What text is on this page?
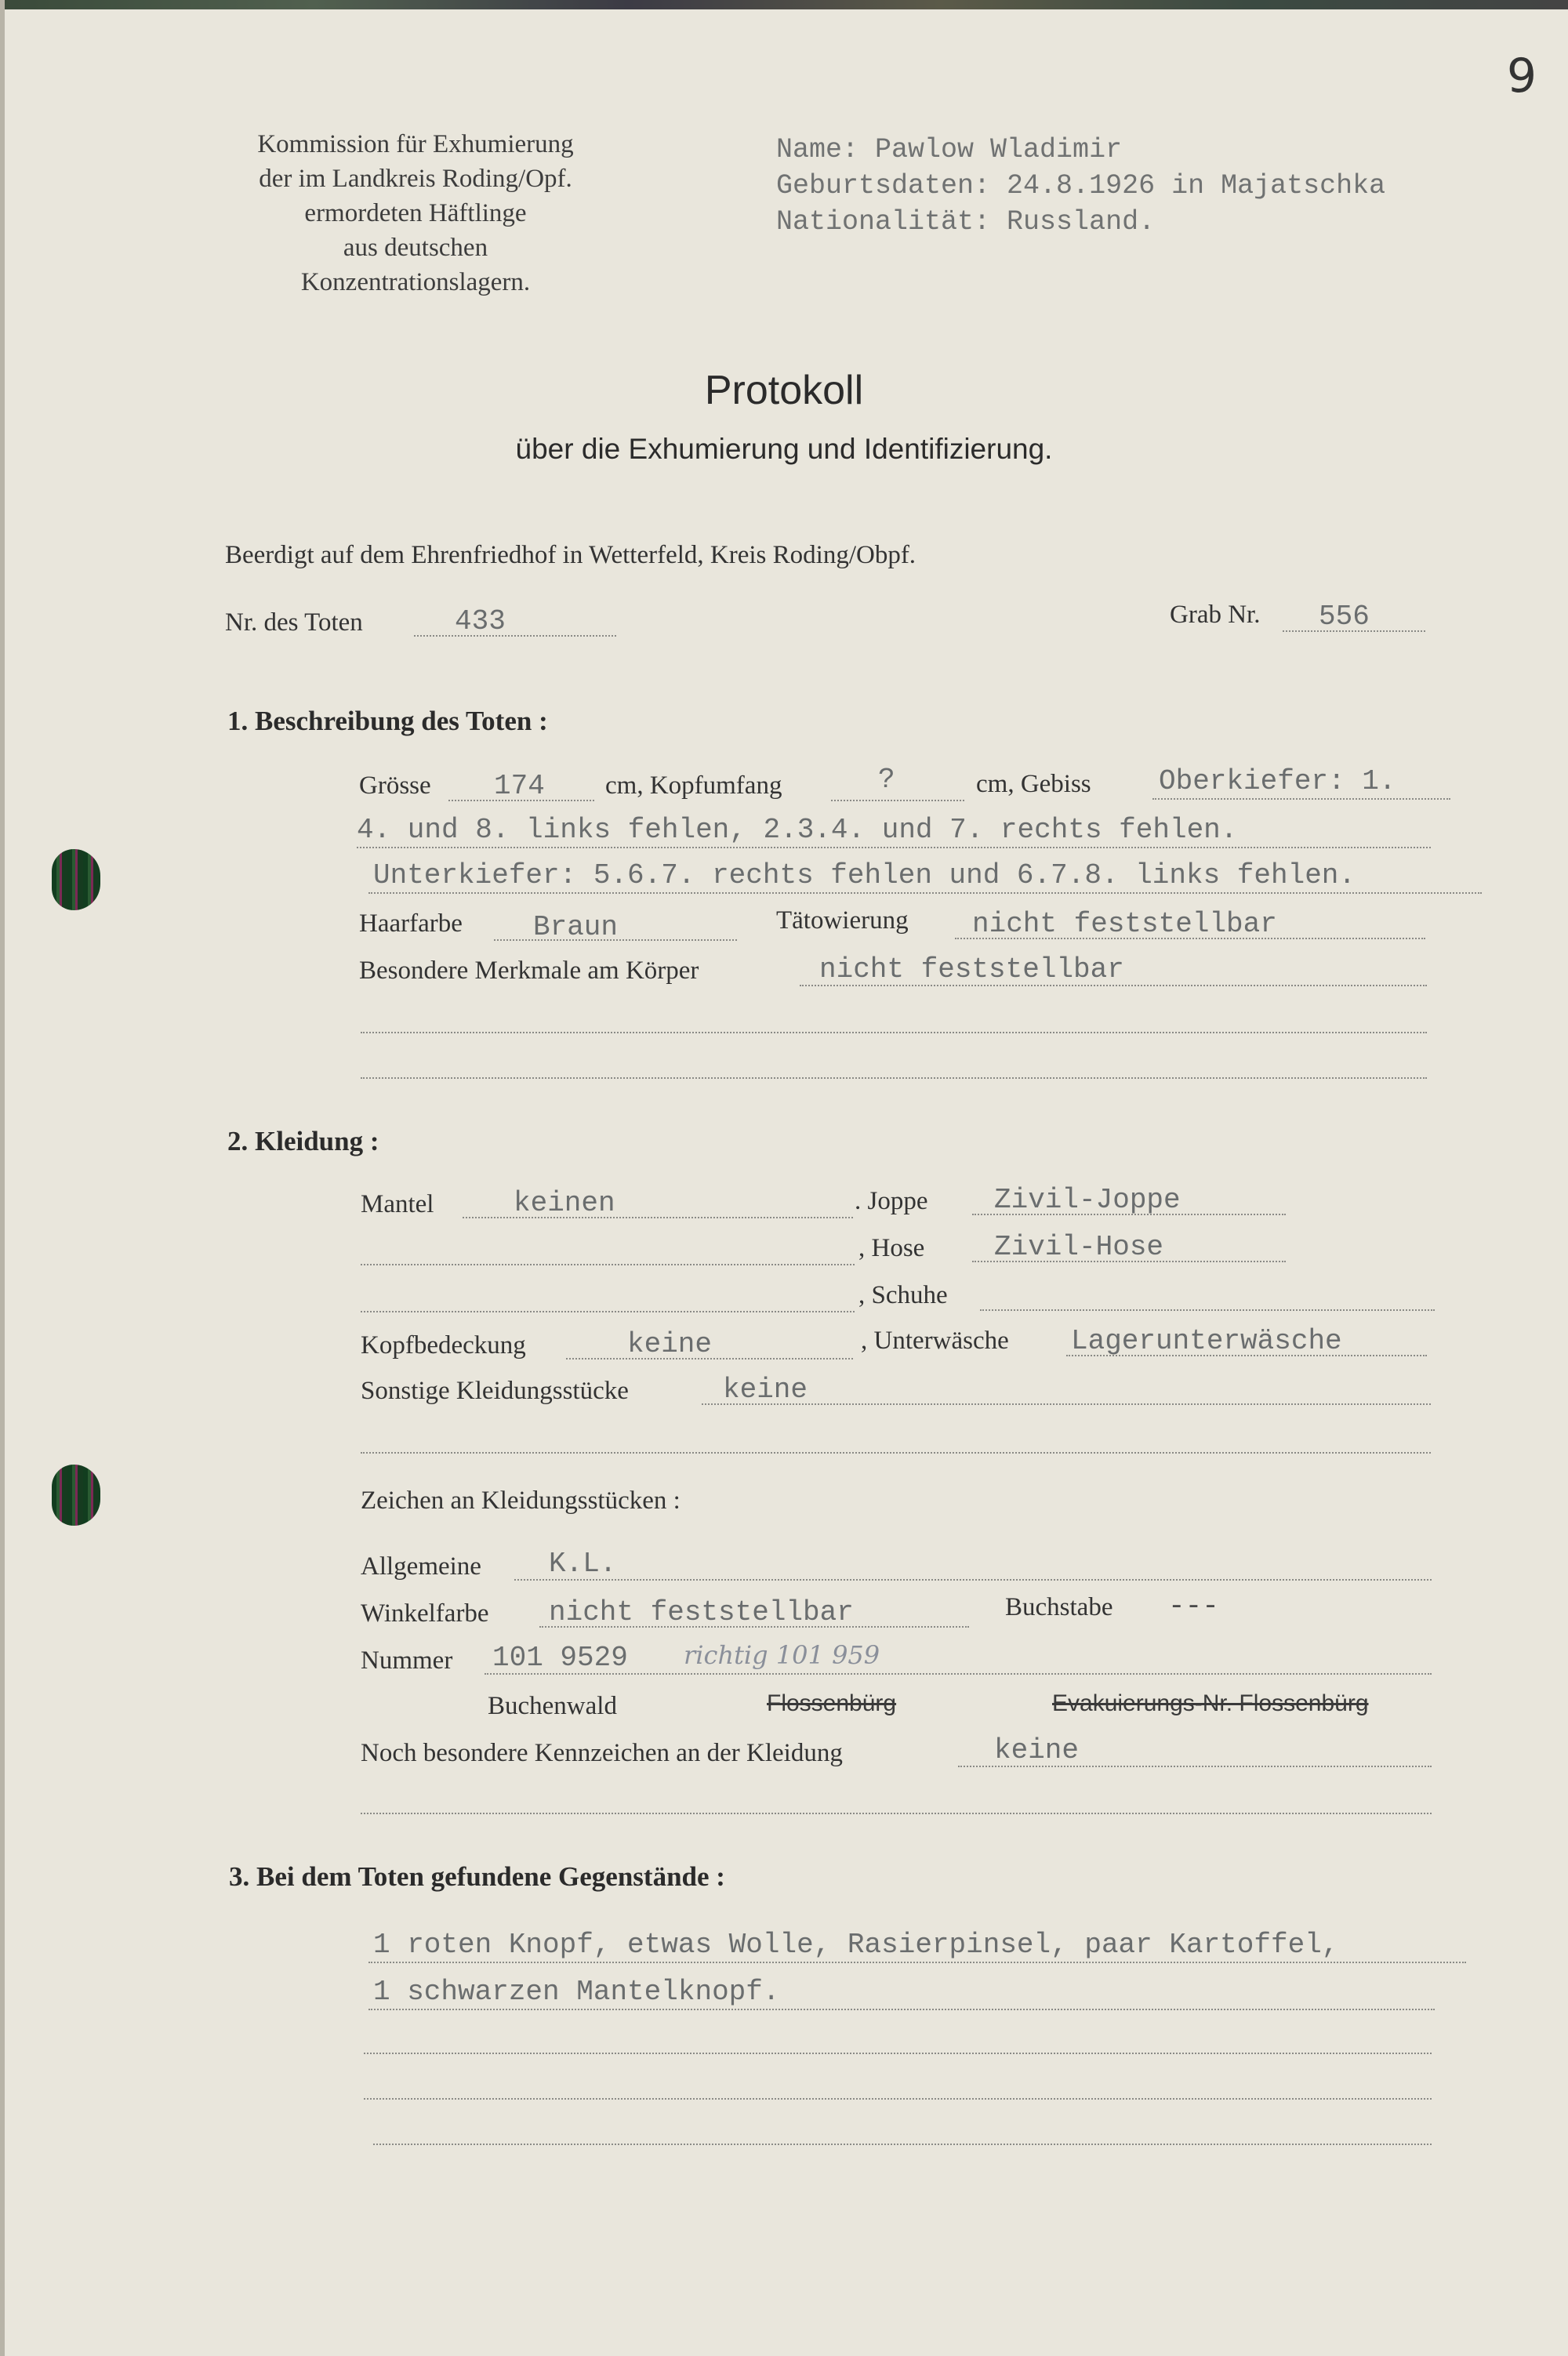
9
Kommission für Exhumierung
der im Landkreis Roding/Opf.
ermordeten Häftlinge
aus deutschen Konzentrationslagern.
Name: Pawlow Wladimir
Geburtsdaten: 24.8.1926 in Majatschka
Nationalität: Russland.
Protokoll
über die Exhumierung und Identifizierung.
Beerdigt auf dem Ehrenfriedhof in Wetterfeld, Kreis Roding/Obpf.
Nr. des Toten	433	Grab Nr. 556
1. Beschreibung des Toten :
Grösse 174 cm, Kopfumfang	?	cm, Gebiss Oberkiefer: 1.
4. und 8. links fehlen, 2.3.4. und 7. rechts fehlen.
Unterkiefer: 5.6.7. rechts fehlen und 6.7.8. links fehlen.
Haarfarbe	Braun	Tätowierung nicht feststellbar
Besondere Merkmale am Körper	nicht feststellbar
2. Kleidung :
Mantel	keinen	. Joppe Zivil-Joppe
, Hose Zivil-Hose
, Schuhe
Kopfbedeckung	keine	, Unterwäsche Lagerunterwäsche
Sonstige Kleidungsstücke	keine
Zeichen an Kleidungsstücken :
Allgemeine K.L.
Winkelfarbe nicht feststellbar	Buchstabe ---
Nummer 101 9529 richtig 101 959
Buchenwald	Flossenbürg	Evakuierungs-Nr. Flossenbürg
Noch besondere Kennzeichen an der Kleidung	keine
3. Bei dem Toten gefundene Gegenstände :
1 roten Knopf, etwas Wolle, Rasierpinsel, paar Kartoffel,
1 schwarzen Mantelknopf.
